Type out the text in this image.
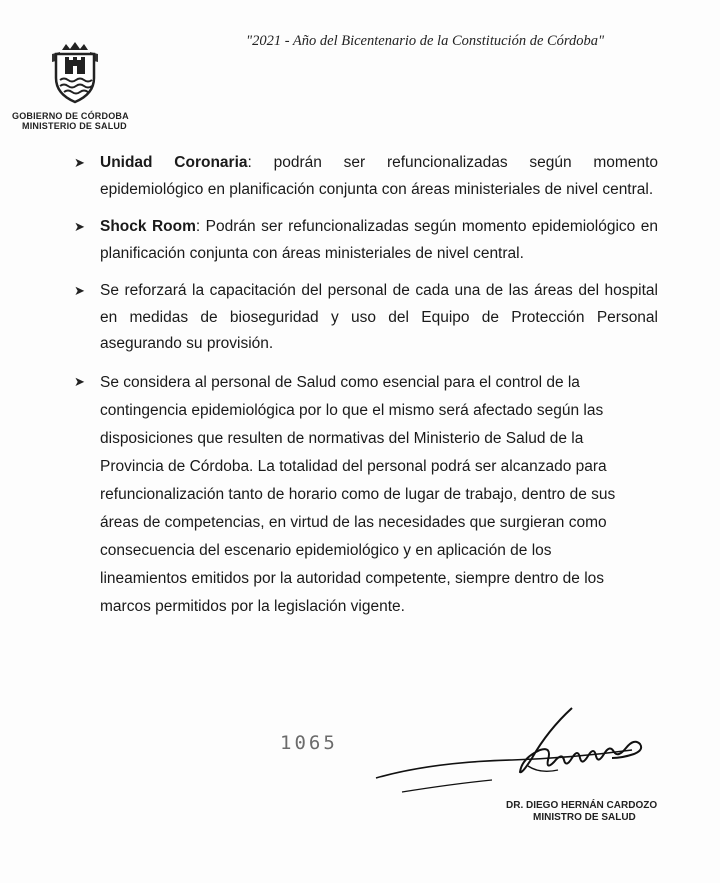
"2021 - Año del Bicentenario de la Constitución de Córdoba"
GOBIERNO DE CÓRDOBA
MINISTERIO DE SALUD
➤ Unidad Coronaria: podrán ser refuncionalizadas según momento epidemiológico en planificación conjunta con áreas ministeriales de nivel central.

➤ Shock Room: Podrán ser refuncionalizadas según momento epidemiológico en planificación conjunta con áreas ministeriales de nivel central.

➤ Se reforzará la capacitación del personal de cada una de las áreas del hospital en medidas de bioseguridad y uso del Equipo de Protección Personal asegurando su provisión.

➤ Se considera al personal de Salud como esencial para el control de la
contingencia epidemiológica por lo que el mismo será afectado según las
disposiciones que resulten de normativas del Ministerio de Salud de la
Provincia de Córdoba. La totalidad del personal podrá ser alcanzado para
refuncionalización tanto de horario como de lugar de trabajo, dentro de sus
áreas de competencias, en virtud de las necesidades que surgieran como
consecuencia del escenario epidemiológico y en aplicación de los
lineamientos emitidos por la autoridad competente, siempre dentro de los
marcos permitidos por la legislación vigente.

1065
DR. DIEGO HERNÁN CARDOZO
MINISTRO DE SALUD
